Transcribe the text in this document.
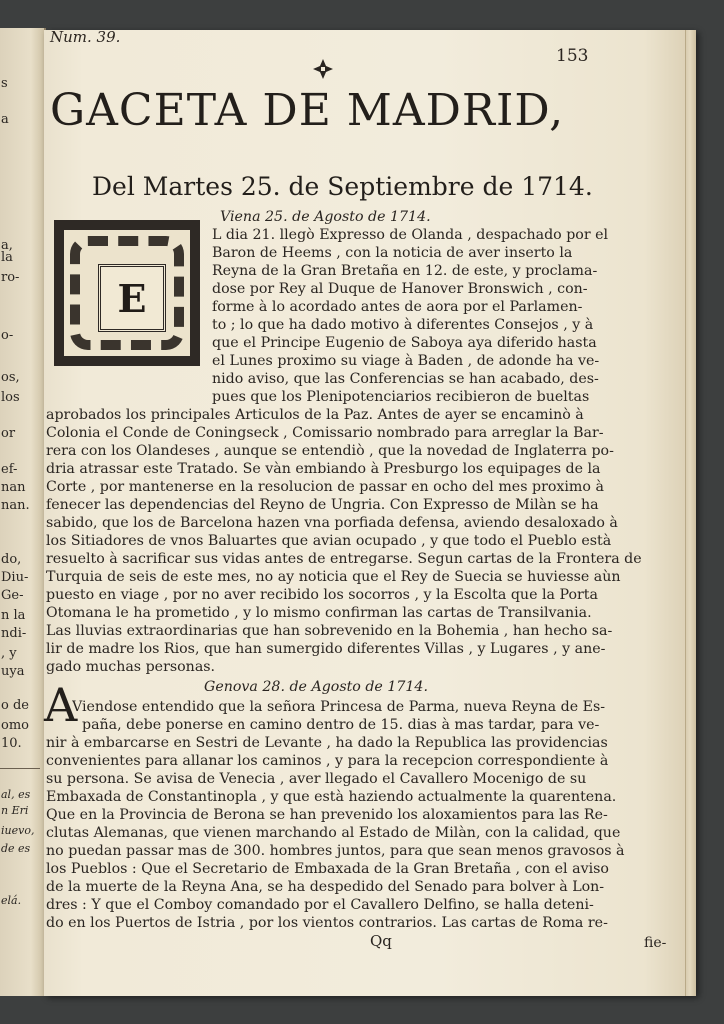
s
a
a,
la
ro-
o-
os,
los
or
ef-
nan
nan.
do,
Diu-
Ge-
n la
ndi-
, y
uya
o de
omo
10.
al, es
n Eri
iuevo,
de es
elá.
Num. 39.
153
GACETA DE MADRID,
Del Martes 25. de Septiembre de 1714.
E
Viena 25. de Agosto de 1714.
L dia 21. llegò Expresso de Olanda , despachado por el
Baron de Heems , con la noticia de aver inserto la
Reyna de la Gran Bretaña en 12. de este, y proclama-
dose por Rey al Duque de Hanover Bronswich , con-
forme à lo acordado antes de aora por el Parlamen-
to ; lo que ha dado motivo à diferentes Consejos , y à
que el Principe Eugenio de Saboya aya diferido hasta
el Lunes proximo su viage à Baden , de adonde ha ve-
nido aviso, que las Conferencias se han acabado, des-
pues que los Plenipotenciarios recibieron de bueltas
aprobados los principales Articulos de la Paz. Antes de ayer se encaminò à
Colonia el Conde de Coningseck , Comissario nombrado para arreglar la Bar-
rera con los Olandeses , aunque se entendiò , que la novedad de Inglaterra po-
dria atrassar este Tratado. Se vàn embiando à Presburgo los equipages de la
Corte , por mantenerse en la resolucion de passar en ocho del mes proximo à
fenecer las dependencias del Reyno de Ungria. Con Expresso de Milàn se ha
sabido, que los de Barcelona hazen vna porfiada defensa, aviendo desaloxado à
los Sitiadores de vnos Baluartes que avian ocupado , y que todo el Pueblo està
resuelto à sacrificar sus vidas antes de entregarse. Segun cartas de la Frontera de
Turquia de seis de este mes, no ay noticia que el Rey de Suecia se huviesse aùn
puesto en viage , por no aver recibido los socorros , y la Escolta que la Porta
Otomana le ha prometido , y lo mismo confirman las cartas de Transilvania.
Las lluvias extraordinarias que han sobrevenido en la Bohemia , han hecho sa-
lir de madre los Rios, que han sumergido diferentes Villas , y Lugares , y ane-
gado muchas personas.
Genova 28. de Agosto de 1714.
A
Viendose entendido que la señora Princesa de Parma, nueva Reyna de Es-
paña, debe ponerse en camino dentro de 15. dias à mas tardar, para ve-
nir à embarcarse en Sestri de Levante , ha dado la Republica las providencias
convenientes para allanar los caminos , y para la recepcion correspondiente à
su persona. Se avisa de Venecia , aver llegado el Cavallero Mocenigo de su
Embaxada de Constantinopla , y que està haziendo actualmente la quarentena.
Que en la Provincia de Berona se han prevenido los aloxamientos para las Re-
clutas Alemanas, que vienen marchando al Estado de Milàn, con la calidad, que
no puedan passar mas de 300. hombres juntos, para que sean menos gravosos à
los Pueblos : Que el Secretario de Embaxada de la Gran Bretaña , con el aviso
de la muerte de la Reyna Ana, se ha despedido del Senado para bolver à Lon-
dres : Y que el Comboy comandado por el Cavallero Delfino, se halla deteni-
do en los Puertos de Istria , por los vientos contrarios. Las cartas de Roma re-
Qq	fie-
